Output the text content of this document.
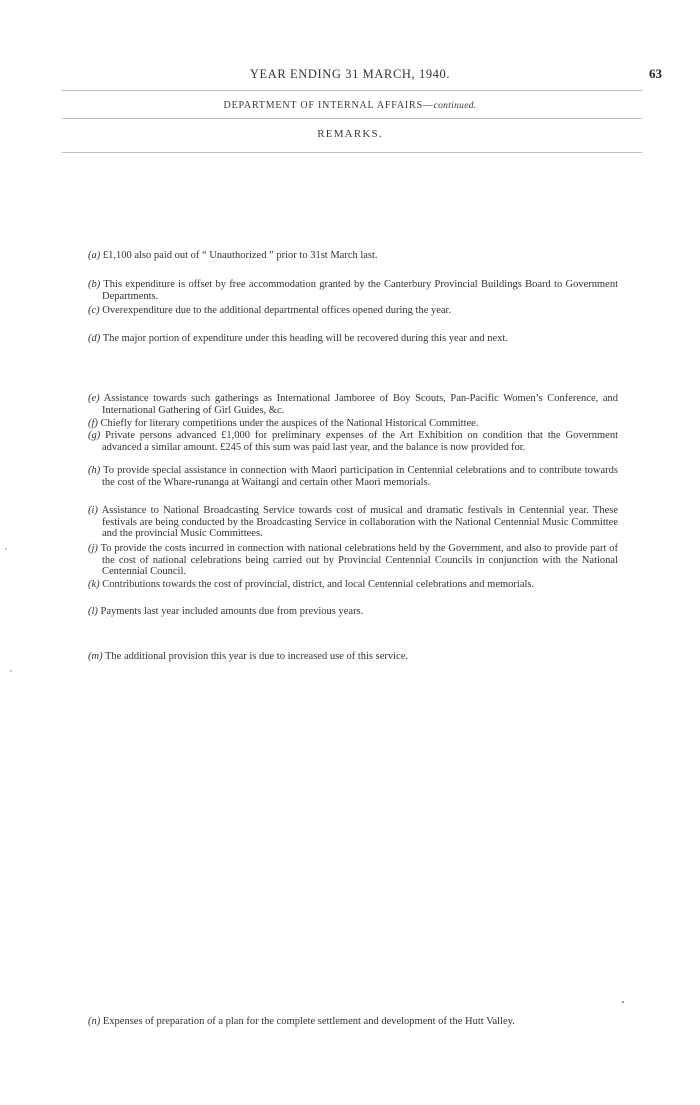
YEAR ENDING 31 MARCH, 1940.	63
DEPARTMENT OF INTERNAL AFFAIRS—continued.
REMARKS.
(a) £1,100 also paid out of “ Unauthorized ” prior to 31st March last.
(b) This expenditure is offset by free accommodation granted by the Canterbury Provincial Buildings Board to Government Departments.
(c) Overexpenditure due to the additional departmental offices opened during the year.
(d) The major portion of expenditure under this heading will be recovered during this year and next.
(e) Assistance towards such gatherings as International Jamboree of Boy Scouts, Pan-Pacific Women’s Conference, and International Gathering of Girl Guides, &c.
(f) Chiefly for literary competitions under the auspices of the National Historical Committee.
(g) Private persons advanced £1,000 for preliminary expenses of the Art Exhibition on condition that the Government advanced a similar amount. £245 of this sum was paid last year, and the balance is now provided for.
(h) To provide special assistance in connection with Maori participation in Centennial celebrations and to contribute towards the cost of the Whare-runanga at Waitangi and certain other Maori memorials.
(i) Assistance to National Broadcasting Service towards cost of musical and dramatic festivals in Centennial year. These festivals are being conducted by the Broadcasting Service in collaboration with the National Centennial Music Committee and the provincial Music Committees.
(j) To provide the costs incurred in connection with national celebrations held by the Government, and also to provide part of the cost of national celebrations being carried out by Provincial Centennial Councils in conjunction with the National Centennial Council.
(k) Contributions towards the cost of provincial, district, and local Centennial celebrations and memorials.
(l) Payments last year included amounts due from previous years.
(m) The additional provision this year is due to increased use of this service.
(n) Expenses of preparation of a plan for the complete settlement and development of the Hutt Valley.
